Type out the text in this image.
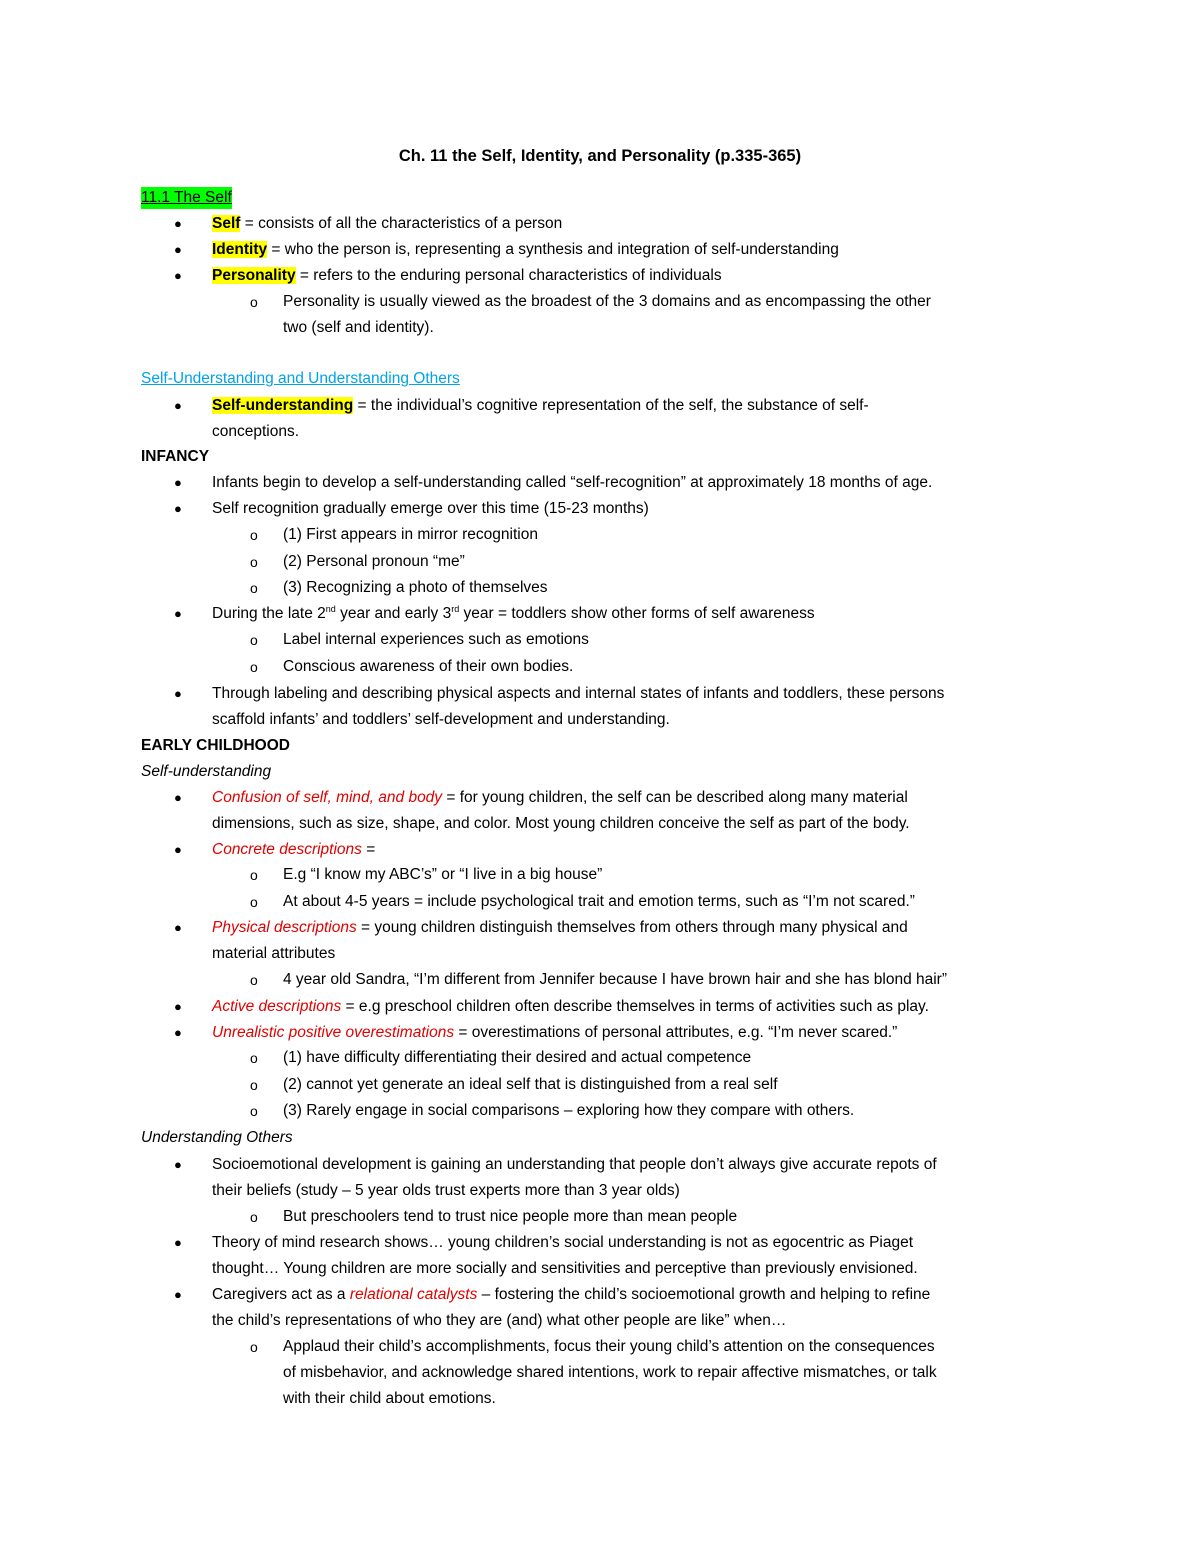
Ch. 11 the Self, Identity, and Personality (p.335-365)
11.1 The Self
● Self = consists of all the characteristics of a person
● Identity = who the person is, representing a synthesis and integration of self-understanding
● Personality = refers to the enduring personal characteristics of individuals
o Personality is usually viewed as the broadest of the 3 domains and as encompassing the other
two (self and identity).
Self-Understanding and Understanding Others
● Self-understanding = the individual’s cognitive representation of the self, the substance of self-
conceptions.
INFANCY
● Infants begin to develop a self-understanding called “self-recognition” at approximately 18 months of age.
● Self recognition gradually emerge over this time (15-23 months)
o (1) First appears in mirror recognition
o (2) Personal pronoun “me”
o (3) Recognizing a photo of themselves
● During the late 2nd year and early 3rd year = toddlers show other forms of self awareness
o Label internal experiences such as emotions
o Conscious awareness of their own bodies.
● Through labeling and describing physical aspects and internal states of infants and toddlers, these persons
scaffold infants’ and toddlers’ self-development and understanding.
EARLY CHILDHOOD
Self-understanding
● Confusion of self, mind, and body = for young children, the self can be described along many material
dimensions, such as size, shape, and color. Most young children conceive the self as part of the body.
● Concrete descriptions =
o E.g “I know my ABC’s” or “I live in a big house”
o At about 4-5 years = include psychological trait and emotion terms, such as “I’m not scared.”
● Physical descriptions = young children distinguish themselves from others through many physical and
material attributes
o 4 year old Sandra, “I’m different from Jennifer because I have brown hair and she has blond hair”
● Active descriptions = e.g preschool children often describe themselves in terms of activities such as play.
● Unrealistic positive overestimations = overestimations of personal attributes, e.g. “I’m never scared.”
o (1) have difficulty differentiating their desired and actual competence
o (2) cannot yet generate an ideal self that is distinguished from a real self
o (3) Rarely engage in social comparisons – exploring how they compare with others.
Understanding Others
● Socioemotional development is gaining an understanding that people don’t always give accurate repots of
their beliefs (study – 5 year olds trust experts more than 3 year olds)
o But preschoolers tend to trust nice people more than mean people
● Theory of mind research shows… young children’s social understanding is not as egocentric as Piaget
thought… Young children are more socially and sensitivities and perceptive than previously envisioned.
● Caregivers act as a relational catalysts – fostering the child’s socioemotional growth and helping to refine
the child’s representations of who they are (and) what other people are like” when…
o Applaud their child’s accomplishments, focus their young child’s attention on the consequences
of misbehavior, and acknowledge shared intentions, work to repair affective mismatches, or talk
with their child about emotions.
